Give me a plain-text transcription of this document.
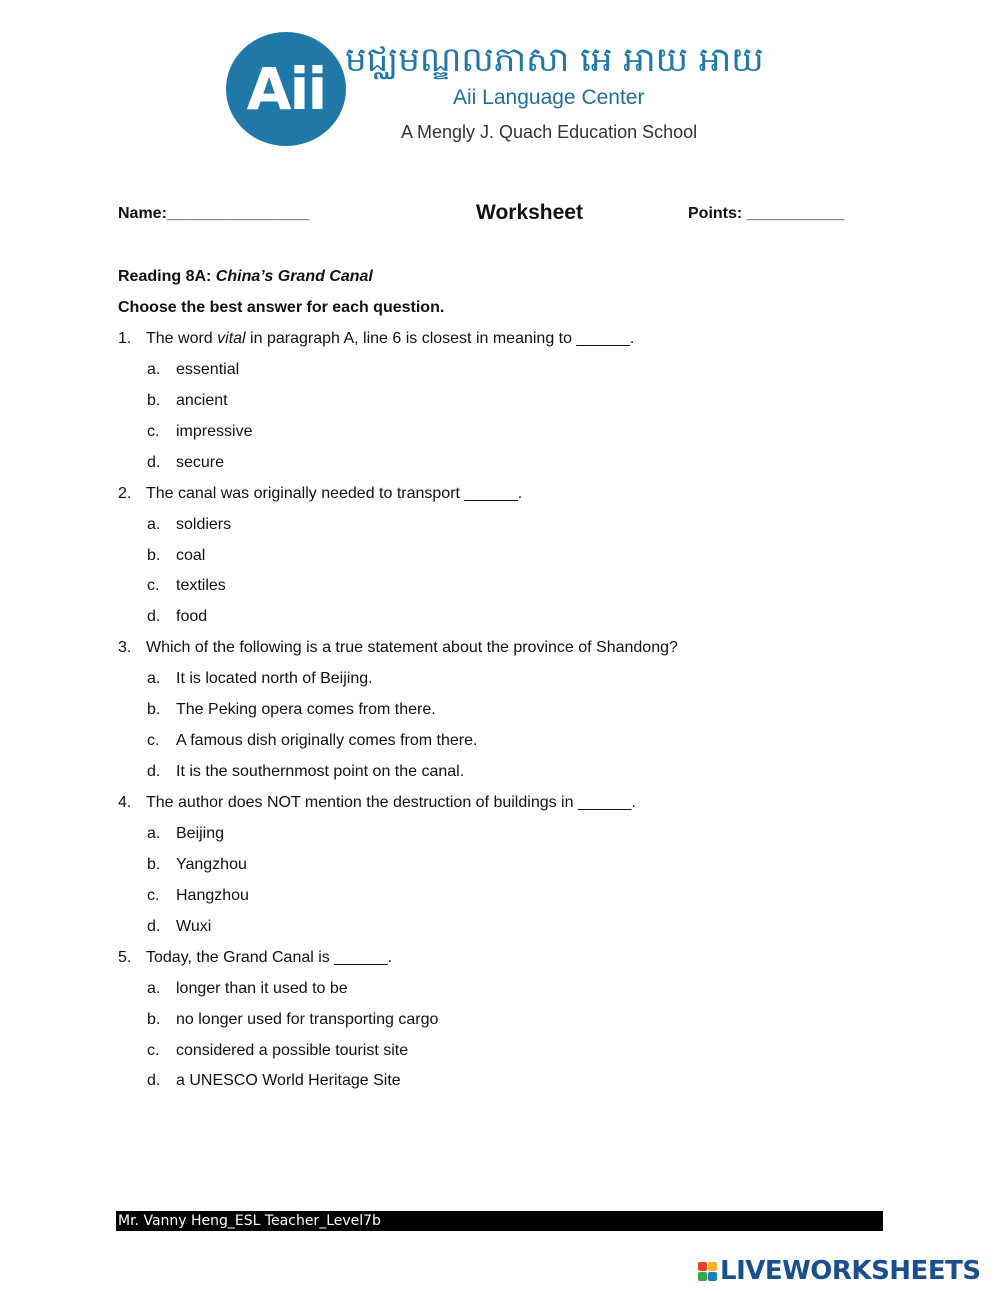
Aii មជ្ឈមណ្ឌលភាសា អេ អាយ អាយ
Aii Language Center
A Mengly J. Quach Education School
Name:________________	Worksheet	Points: ___________
Reading 8A: China’s Grand Canal
Choose the best answer for each question.
1. The word vital in paragraph A, line 6 is closest in meaning to ______.
a. essential
b. ancient
c. impressive
d. secure
2. The canal was originally needed to transport ______.
a. soldiers
b. coal
c. textiles
d. food
3. Which of the following is a true statement about the province of Shandong?
a. It is located north of Beijing.
b. The Peking opera comes from there.
c. A famous dish originally comes from there.
d. It is the southernmost point on the canal.
4. The author does NOT mention the destruction of buildings in ______.
a. Beijing
b. Yangzhou
c. Hangzhou
d. Wuxi
5. Today, the Grand Canal is ______.
a. longer than it used to be
b. no longer used for transporting cargo
c. considered a possible tourist site
d. a UNESCO World Heritage Site
Mr. Vanny Heng_ESL Teacher_Level7b
LIVEWORKSHEETS
